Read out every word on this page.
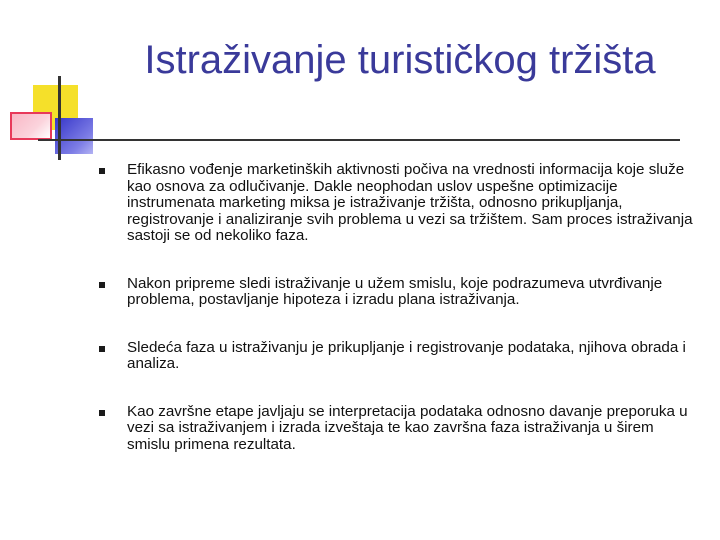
Istraživanje turističkog tržišta
Efikasno vođenje marketinških aktivnosti počiva na vrednosti informacija koje služe kao osnova za odlučivanje. Dakle neophodan uslov uspešne optimizacije instrumenata marketing miksa je istraživanje tržišta, odnosno prikupljanja, registrovanje i analiziranje svih problema u vezi sa tržištem. Sam proces istraživanja sastoji se od nekoliko faza.
Nakon pripreme sledi istraživanje u užem smislu, koje podrazumeva utvrđivanje problema, postavljanje hipoteza i izradu plana istraživanja.
Sledeća faza u istraživanju je prikupljanje i registrovanje podataka, njihova obrada i analiza.
Kao završne etape javljaju se interpretacija podataka odnosno davanje preporuka u vezi sa istraživanjem i izrada izveštaja te kao završna faza istraživanja u širem smislu primena rezultata.
